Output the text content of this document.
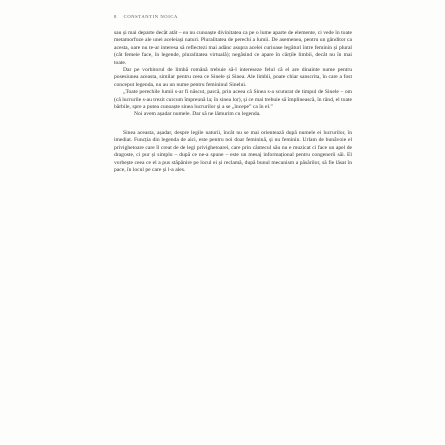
8 CONSTANTIN NOICA

sau și mai departe decât atât – ea nu cunoaște divinitatea ca pe o lume aparte de elemente, ci vede în toate metamorfoze ale unei aceleiași naturi. Pluralitatea de perechi a lumii. De asemenea, pentru un gânditor ca acesta, oare nu te-ar interesa să reflectezi mai adânc asupra acelei curioase legături între feminin și plural (cât femeie face, în legende, pluralitatea virtuală); negăsind ce apare în cărțile limbii, decât nu în mai toate.

Dar pe vorbitorul de limbă română trebuie să-l intereseze felul că el are dinainte nume pentru posesiunea aceasta, similar pentru ceea ce Sinele și Sinea. Ale limbii, poate chiar sanscrita, în care a fost conceput legenda, nu au un nume pentru femininul Sinelui.

„Toate perechile lumii s-ar fi născut, parcă, prin aceea că Sinea s-a scuturat de timpul de Sinele – om (că lucrurile s-au trezit curcum împreună la; în sinea lor), și ce mai trebuie să împlinească, în rând, el toate bărbile, spre a putea cunoaște sinea lucrurilor și a se „începe” ca în el.”

Noi avem așadar numele. Dar să ne lămurim cu legenda.

Sinea aceasta, așadar, despre legile naturii, încât nu se mai orientează după numele ei lucrurilor, în imediat. Funcția din legenda de aici, este pentru noi doar feminină, și nu feminin. Urlam de bunăvoie el privighetoare care îl creat de de legi privighetoarei, care prin cântecul său nu e muzicat ci face un apel de dragoste, ci pur și simplu – după ce ne-a spune – este un mesaj informațional pentru congenerii săi. El vorbește ceea ce el a pus stăpânire pe locul ei și reclamă, după bunul mecanism a păsărilor, să fie lăsat în pace, în locul pe care și l-a ales.
